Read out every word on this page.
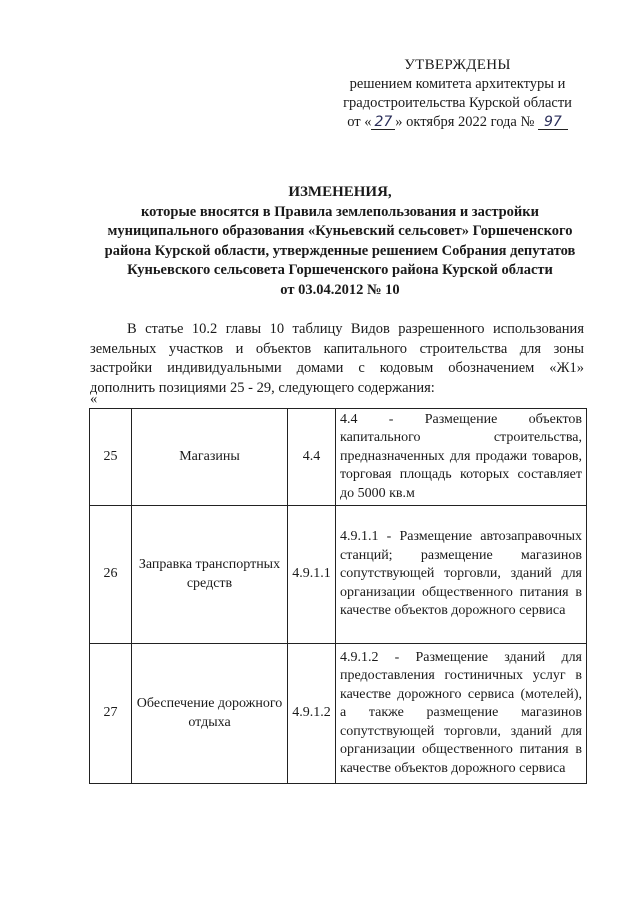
УТВЕРЖДЕНЫ
решением комитета архитектуры и
градостроительства Курской области
от « 27 » октября 2022 года № 97
ИЗМЕНЕНИЯ,
которые вносятся в Правила землепользования и застройки
муниципального образования «Куньевский сельсовет» Горшеченского
района Курской области, утвержденные решением Собрания депутатов
Куньевского сельсовета Горшеченского района Курской области
от 03.04.2012 № 10
В статье 10.2 главы 10 таблицу Видов разрешенного использования земельных участков и объектов капитального строительства для зоны застройки индивидуальными домами с кодовым обозначением «Ж1» дополнить позициями 25 - 29, следующего содержания:
«
25	Магазины	4.4	4.4 - Размещение объектов капитального строительства, предназначенных для продажи товаров, торговая площадь которых составляет до 5000 кв.м
26	Заправка транспортных средств	4.9.1.1	4.9.1.1 - Размещение автозаправочных станций; размещение магазинов сопутствующей торговли, зданий для организации общественного питания в качестве объектов дорожного сервиса
27	Обеспечение дорожного отдыха	4.9.1.2	4.9.1.2 - Размещение зданий для предоставления гостиничных услуг в качестве дорожного сервиса (мотелей), а также размещение магазинов сопутствующей торговли, зданий для организации общественного питания в качестве объектов дорожного сервиса
